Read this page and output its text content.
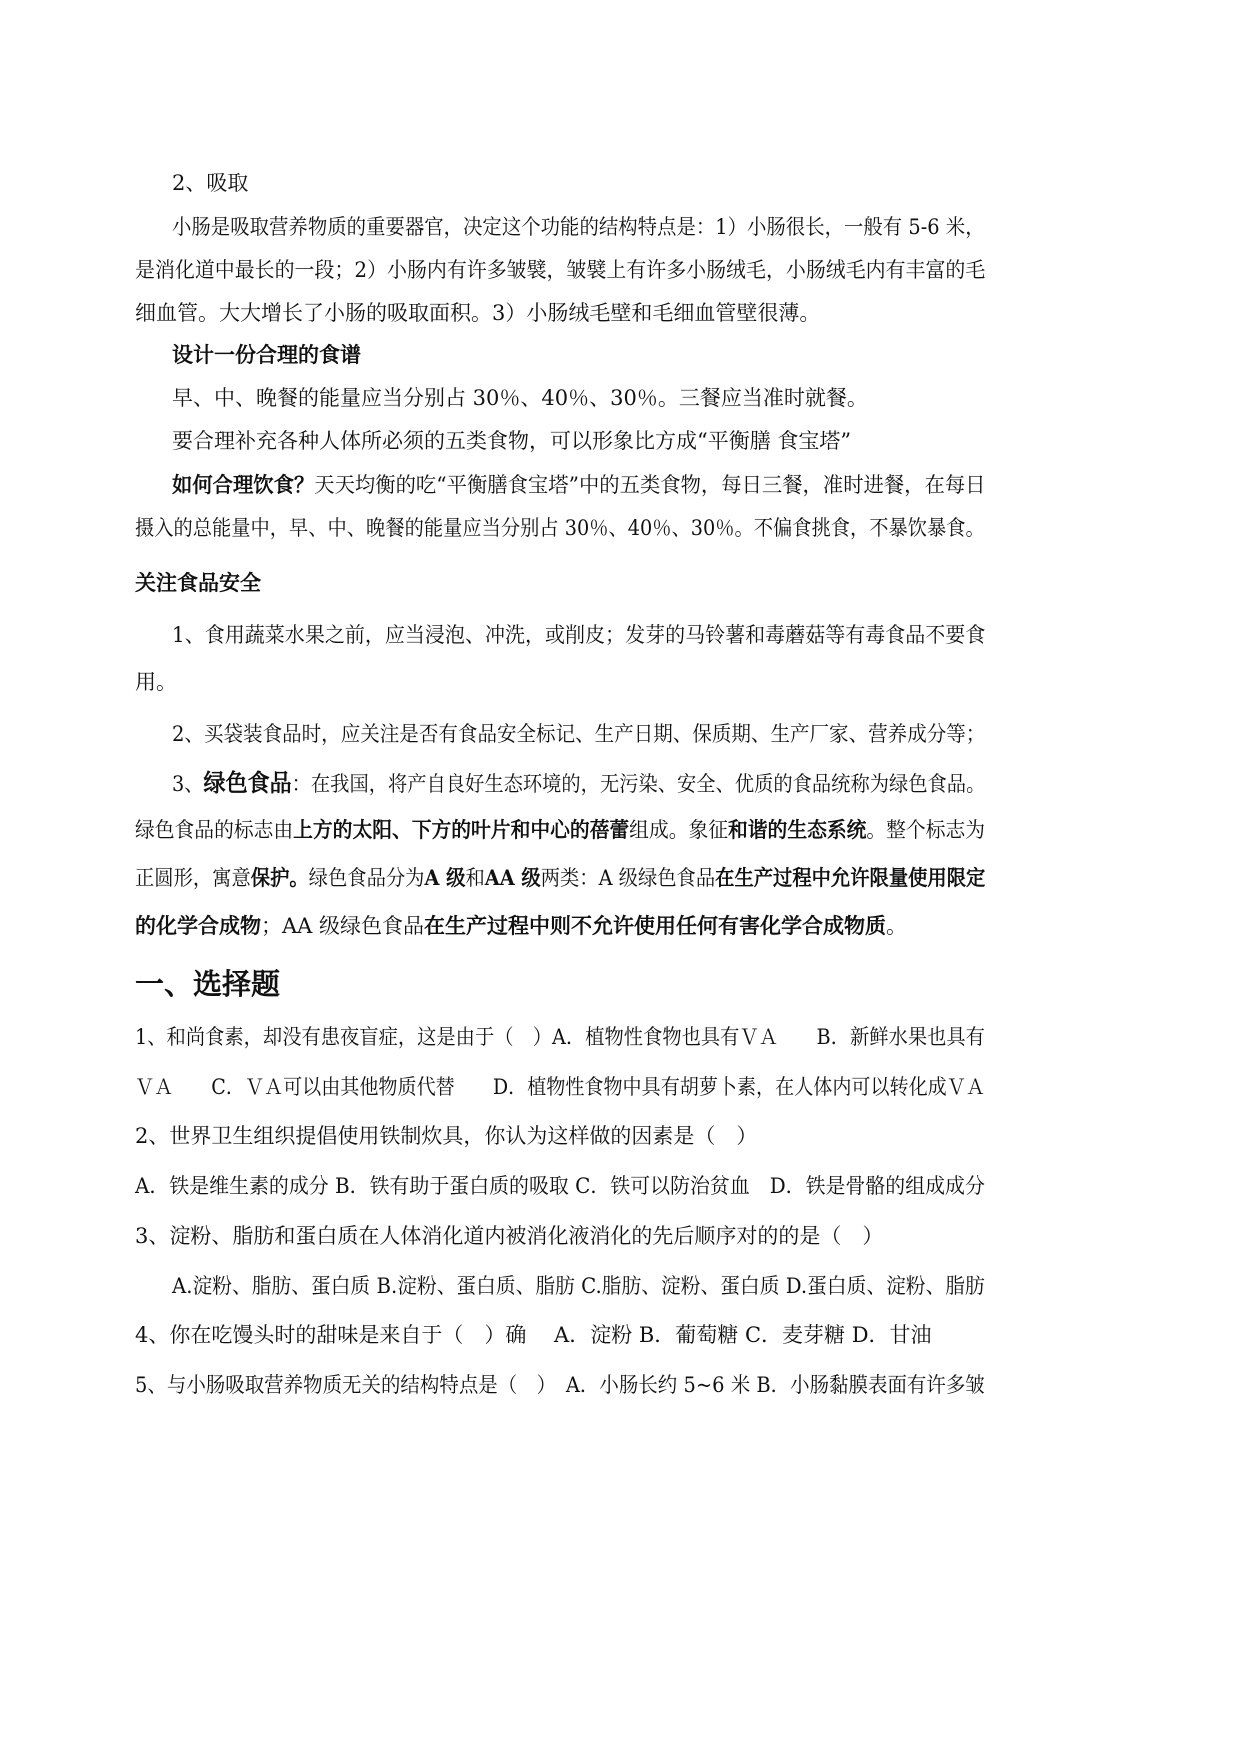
2、吸取
小肠是吸取营养物质的重要器官，决定这个功能的结构特点是：1）小肠很长，一般有 5-6 米，
是消化道中最长的一段；2）小肠内有许多皱襞，皱襞上有许多小肠绒毛，小肠绒毛内有丰富的毛
细血管。大大增长了小肠的吸取面积。3）小肠绒毛壁和毛细血管壁很薄。
设计一份合理的食谱
早、中、晚餐的能量应当分别占 30％、40％、30％。三餐应当准时就餐。
要合理补充各种人体所必须的五类食物，可以形象比方成“平衡膳 食宝塔”
如何合理饮食？天天均衡的吃“平衡膳食宝塔”中的五类食物，每日三餐，准时进餐，在每日
摄入的总能量中，早、中、晚餐的能量应当分别占 30％、40％、30％。不偏食挑食，不暴饮暴食。
关注食品安全
1、食用蔬菜水果之前，应当浸泡、冲洗，或削皮；发芽的马铃薯和毒蘑菇等有毒食品不要食
用。
2、买袋装食品时，应关注是否有食品安全标记、生产日期、保质期、生产厂家、营养成分等；
3、绿色食品：在我国，将产自良好生态环境的，无污染、安全、优质的食品统称为绿色食品。
绿色食品的标志由上方的太阳、下方的叶片和中心的蓓蕾组成。象征和谐的生态系统。整个标志为
正圆形，寓意保护。绿色食品分为A 级和AA 级两类：A 级绿色食品在生产过程中允许限量使用限定
的化学合成物；AA 级绿色食品在生产过程中则不允许使用任何有害化学合成物质。
一、选择题
1、和尚食素，却没有患夜盲症，这是由于（　）A．植物性食物也具有ＶＡ　　B．新鲜水果也具有
ＶＡ　　C．ＶＡ可以由其他物质代替　　D．植物性食物中具有胡萝卜素，在人体内可以转化成ＶＡ
2、世界卫生组织提倡使用铁制炊具，你认为这样做的因素是（　）
A．铁是维生素的成分 B．铁有助于蛋白质的吸取 C．铁可以防治贫血　D．铁是骨骼的组成成分
3、淀粉、脂肪和蛋白质在人体消化道内被消化液消化的先后顺序对的的是（　）
A.淀粉、脂肪、蛋白质 B.淀粉、蛋白质、脂肪 C.脂肪、淀粉、蛋白质 D.蛋白质、淀粉、脂肪
4、你在吃馒头时的甜味是来自于（　）确　 A．淀粉 B．葡萄糖 C．麦芽糖 D．甘油
5、与小肠吸取营养物质无关的结构特点是（　）　A．小肠长约 5~6 米 B．小肠黏膜表面有许多皱
